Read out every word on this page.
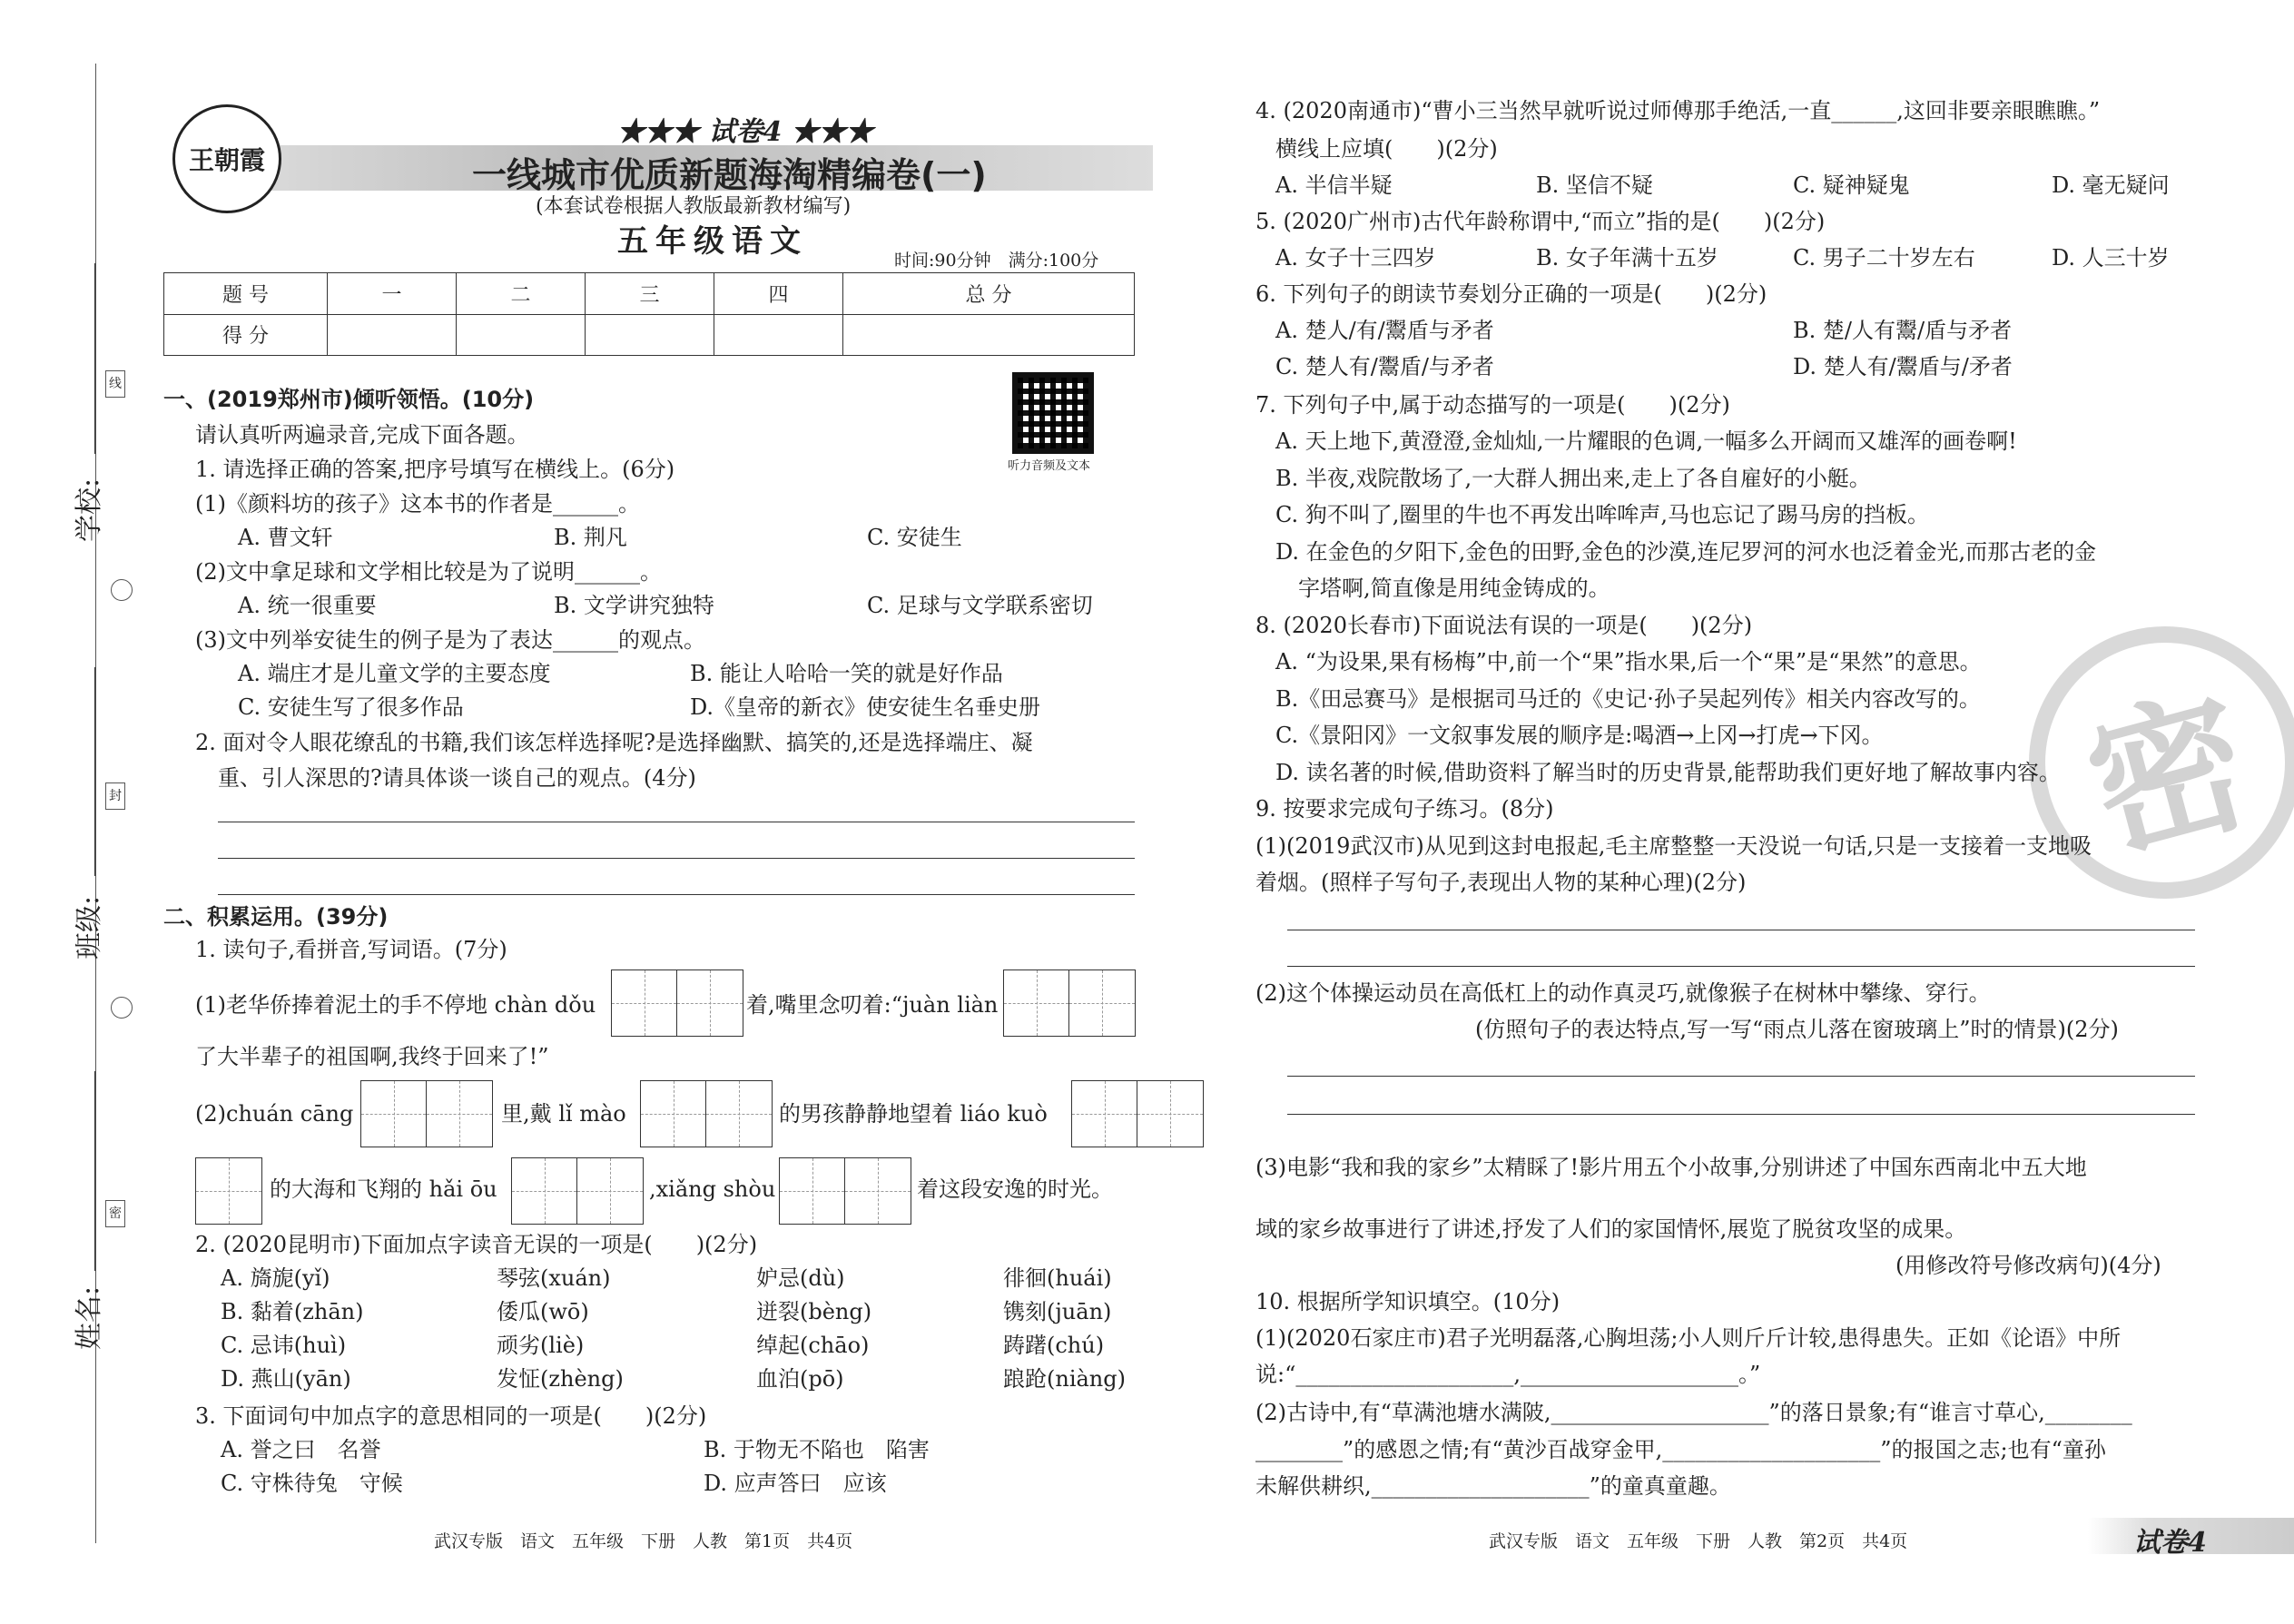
线
封
密
学校:
班级:
姓名:
王朝霞
★★★ 试卷4 ★★★
一线城市优质新题海淘精编卷(一)
(本套试卷根据人教版最新教材编写)
五年级语文
时间:90分钟　满分:100分
题 号	一	二	三	四	总 分
得 分					
听力音频及文本
一、(2019郑州市)倾听领悟。(10分)
请认真听两遍录音,完成下面各题。
1. 请选择正确的答案,把序号填写在横线上。(6分)
(1)《颜料坊的孩子》这本书的作者是______。
A. 曹文轩	B. 荆凡	C. 安徒生
(2)文中拿足球和文学相比较是为了说明______。
A. 统一很重要	B. 文学讲究独特	C. 足球与文学联系密切
(3)文中列举安徒生的例子是为了表达______的观点。
A. 端庄才是儿童文学的主要态度	B. 能让人哈哈一笑的就是好作品
C. 安徒生写了很多作品	D.《皇帝的新衣》使安徒生名垂史册
2. 面对令人眼花缭乱的书籍,我们该怎样选择呢?是选择幽默、搞笑的,还是选择端庄、凝
重、引人深思的?请具体谈一谈自己的观点。(4分)
二、积累运用。(39分)
1. 读句子,看拼音,写词语。(7分)
(1)老华侨捧着泥土的手不停地 chàn dǒu	着,嘴里念叨着:“juàn liàn
了大半辈子的祖国啊,我终于回来了!”
(2)chuán cāng	里,戴 lǐ mào	的男孩静静地望着 liáo kuò
的大海和飞翔的 hǎi ōu	,xiǎng shòu	着这段安逸的时光。
2. (2020昆明市)下面加点字读音无误的一项是(　　)(2分)
A. 旖旎(yǐ)	琴弦(xuán)	妒忌(dù)	徘徊(huái)
B. 黏着(zhān)	倭瓜(wō)	迸裂(bèng)	镌刻(juān)
C. 忌讳(huì)	顽劣(liè)	绰起(chāo)	踌躇(chú)
D. 燕山(yān)	发怔(zhèng)	血泊(pō)	踉跄(niàng)
3. 下面词句中加点字的意思相同的一项是(　　)(2分)
A. 誉之曰　名誉	B. 于物无不陷也　陷害
C. 守株待兔　守候	D. 应声答曰　应该
武汉专版　语文　五年级　下册　人教　第1页　共4页
密
4. (2020南通市)“曹小三当然早就听说过师傅那手绝活,一直______,这回非要亲眼瞧瞧。”
横线上应填(　　)(2分)
A. 半信半疑	B. 坚信不疑	C. 疑神疑鬼	D. 毫无疑问
5. (2020广州市)古代年龄称谓中,“而立”指的是(　　)(2分)
A. 女子十三四岁	B. 女子年满十五岁	C. 男子二十岁左右	D. 人三十岁
6. 下列句子的朗读节奏划分正确的一项是(　　)(2分)
A. 楚人/有/鬻盾与矛者	B. 楚/人有鬻/盾与矛者
C. 楚人有/鬻盾/与矛者	D. 楚人有/鬻盾与/矛者
7. 下列句子中,属于动态描写的一项是(　　)(2分)
A. 天上地下,黄澄澄,金灿灿,一片耀眼的色调,一幅多么开阔而又雄浑的画卷啊!
B. 半夜,戏院散场了,一大群人拥出来,走上了各自雇好的小艇。
C. 狗不叫了,圈里的牛也不再发出哞哞声,马也忘记了踢马房的挡板。
D. 在金色的夕阳下,金色的田野,金色的沙漠,连尼罗河的河水也泛着金光,而那古老的金
字塔啊,简直像是用纯金铸成的。
8. (2020长春市)下面说法有误的一项是(　　)(2分)
A. “为设果,果有杨梅”中,前一个“果”指水果,后一个“果”是“果然”的意思。
B.《田忌赛马》是根据司马迁的《史记·孙子吴起列传》相关内容改写的。
C.《景阳冈》一文叙事发展的顺序是:喝酒→上冈→打虎→下冈。
D. 读名著的时候,借助资料了解当时的历史背景,能帮助我们更好地了解故事内容。
9. 按要求完成句子练习。(8分)
(1)(2019武汉市)从见到这封电报起,毛主席整整一天没说一句话,只是一支接着一支地吸
着烟。(照样子写句子,表现出人物的某种心理)(2分)
(2)这个体操运动员在高低杠上的动作真灵巧,就像猴子在树林中攀缘、穿行。
(仿照句子的表达特点,写一写“雨点儿落在窗玻璃上”时的情景)(2分)
(3)电影“我和我的家乡”太精睬了!影片用五个小故事,分别讲述了中国东西南北中五大地
域的家乡故事进行了讲述,抒发了人们的家国情怀,展览了脱贫攻坚的成果。
(用修改符号修改病句)(4分)
10. 根据所学知识填空。(10分)
(1)(2020石家庄市)君子光明磊落,心胸坦荡;小人则斤斤计较,患得患失。正如《论语》中所
说:“____________________,____________________。”
(2)古诗中,有“草满池塘水满陂,____________________”的落日景象;有“谁言寸草心,________
________”的感恩之情;有“黄沙百战穿金甲,____________________”的报国之志;也有“童孙
未解供耕织,____________________”的童真童趣。
武汉专版　语文　五年级　下册　人教　第2页　共4页	试卷4
